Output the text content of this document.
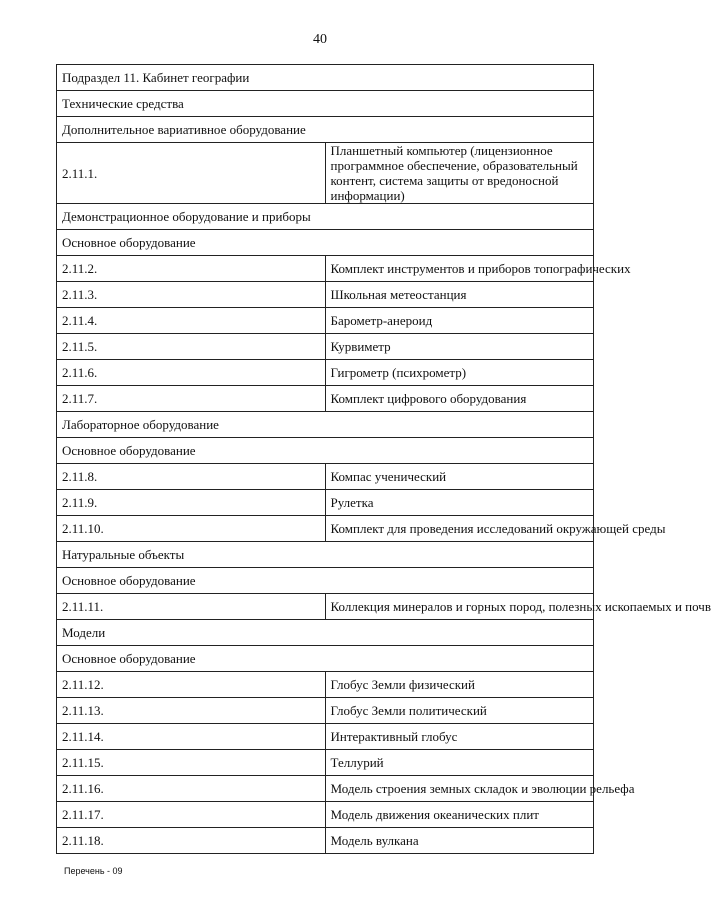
40
Подраздел 11. Кабинет географии	
Технические средства	
Дополнительное вариативное оборудование	
2.11.1.	Планшетный компьютер (лицензионное программное обеспечение, образовательный контент, система защиты от вредоносной информации)
Демонстрационное оборудование и приборы	
Основное оборудование	
2.11.2.	Комплект инструментов и приборов топографических
2.11.3.	Школьная метеостанция
2.11.4.	Барометр-анероид
2.11.5.	Курвиметр
2.11.6.	Гигрометр (психрометр)
2.11.7.	Комплект цифрового оборудования
Лабораторное оборудование	
Основное оборудование	
2.11.8.	Компас ученический
2.11.9.	Рулетка
2.11.10.	Комплект для проведения исследований окружающей среды
Натуральные объекты	
Основное оборудование	
2.11.11.	Коллекция минералов и горных пород, полезных ископаемых и почв
Модели	
Основное оборудование	
2.11.12.	Глобус Земли физический
2.11.13.	Глобус Земли политический
2.11.14.	Интерактивный глобус
2.11.15.	Теллурий
2.11.16.	Модель строения земных складок и эволюции рельефа
2.11.17.	Модель движения океанических плит
2.11.18.	Модель вулкана
Перечень - 09
